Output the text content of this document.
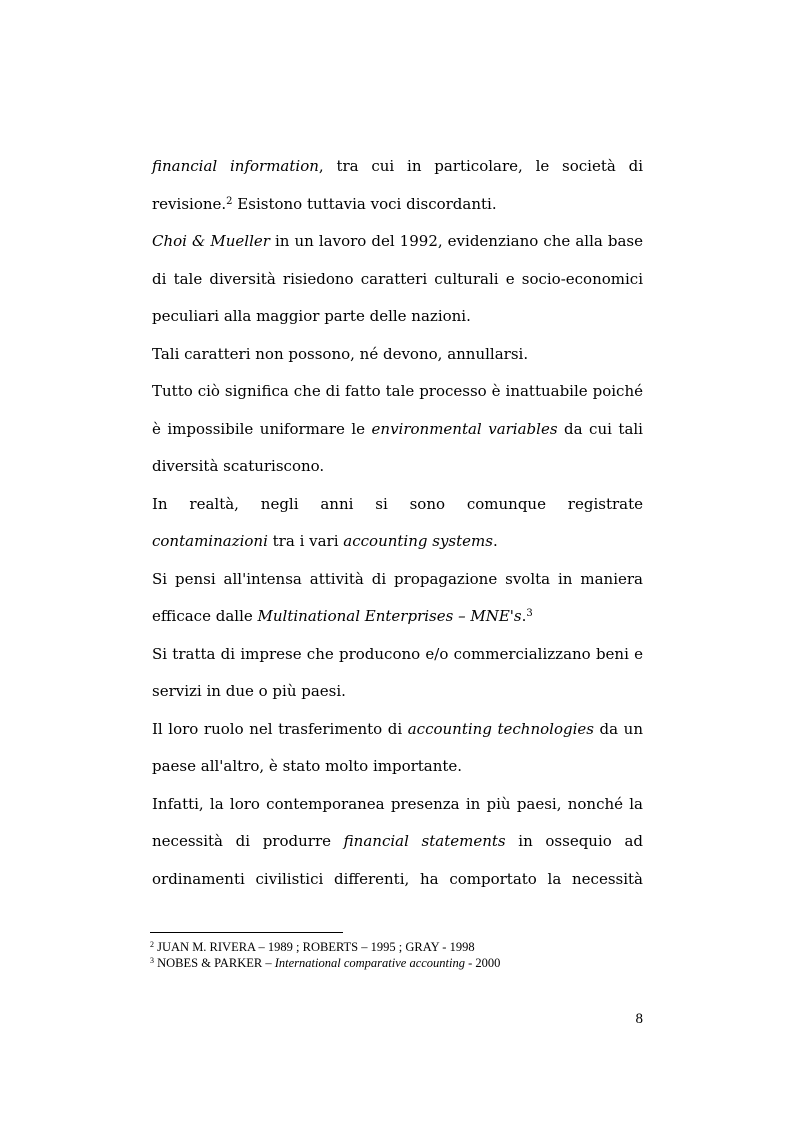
financial information, tra cui in particolare, le società di revisione.$^2$ Esistono tuttavia voci discordanti.

Choi & Mueller in un lavoro del 1992, evidenziano che alla base di tale diversità risiedono caratteri culturali e socio-economici peculiari alla maggior parte delle nazioni.

Tali caratteri non possono, né devono, annullarsi.

Tutto ciò significa che di fatto tale processo è inattuabile poiché è impossibile uniformare le environmental variables da cui tali diversità scaturiscono.

In realtà, negli anni si sono comunque registrate

contaminazioni tra i vari accounting systems.

Si pensi all'intensa attività di propagazione svolta in maniera efficace dalle Multinational Enterprises – MNE's.$^3$

Si tratta di imprese che producono e/o commercializzano beni e servizi in due o più paesi.

Il loro ruolo nel trasferimento di accounting technologies da un paese all'altro, è stato molto importante.

Infatti, la loro contemporanea presenza in più paesi, nonché la necessità di produrre financial statements in ossequio ad ordinamenti civilistici differenti, ha comportato la necessità

$^2$ JUAN M. RIVERA – 1989 ; ROBERTS – 1995 ; GRAY - 1998

$^3$ NOBES & PARKER – International comparative accounting - 2000

8
